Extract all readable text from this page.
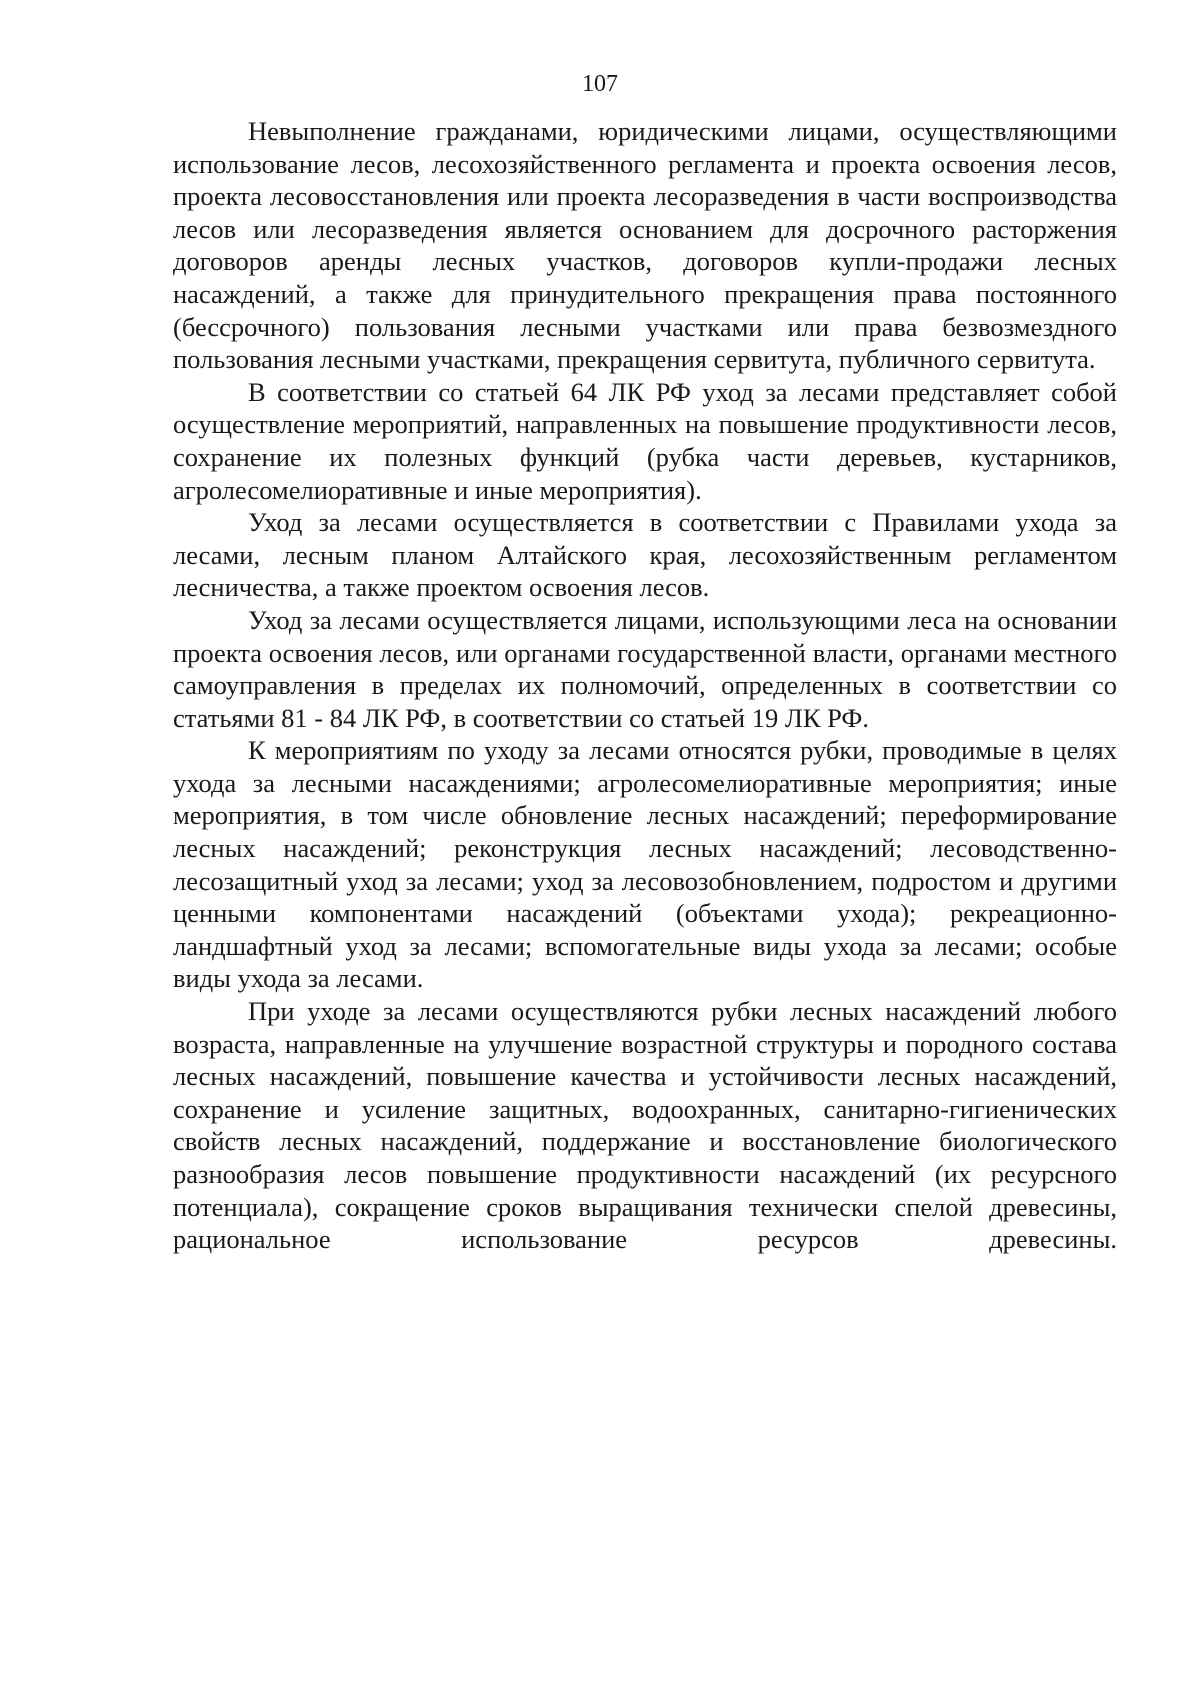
107

Невыполнение гражданами, юридическими лицами, осуществляющими использование лесов, лесохозяйственного регламента и проекта освоения лесов, проекта лесовосстановления или проекта лесоразведения в части воспроизводства лесов или лесоразведения является основанием для досрочного расторжения договоров аренды лесных участков, договоров купли-продажи лесных насаждений, а также для принудительного прекращения права постоянного (бессрочного) пользования лесными участками или права безвозмездного пользования лесными участками, прекращения сервитута, публичного сервитута.

В соответствии со статьей 64 ЛК РФ уход за лесами представляет собой осуществление мероприятий, направленных на повышение продуктивности лесов, сохранение их полезных функций (рубка части деревьев, кустарников, агролесомелиоративные и иные мероприятия).

Уход за лесами осуществляется в соответствии с Правилами ухода за лесами, лесным планом Алтайского края, лесохозяйственным регламентом лесничества, а также проектом освоения лесов.

Уход за лесами осуществляется лицами, использующими леса на основании проекта освоения лесов, или органами государственной власти, органами местного самоуправления в пределах их полномочий, определенных в соответствии со статьями 81 - 84 ЛК РФ, в соответствии со статьей 19 ЛК РФ.

К мероприятиям по уходу за лесами относятся рубки, проводимые в целях ухода за лесными насаждениями; агролесомелиоративные мероприятия; иные мероприятия, в том числе обновление лесных насаждений; переформирование лесных насаждений; реконструкция лесных насаждений; лесоводственно-лесозащитный уход за лесами; уход за лесовозобновлением, подростом и другими ценными компонентами насаждений (объектами ухода); рекреационно-ландшафтный уход за лесами; вспомогательные виды ухода за лесами; особые виды ухода за лесами.

При уходе за лесами осуществляются рубки лесных насаждений любого возраста, направленные на улучшение возрастной структуры и породного состава лесных насаждений, повышение качества и устойчивости лесных насаждений, сохранение и усиление защитных, водоохранных, санитарно-гигиенических свойств лесных насаждений, поддержание и восстановление биологического разнообразия лесов повышение продуктивности насаждений (их ресурсного потенциала), сокращение сроков выращивания технически спелой древесины, рациональное использование ресурсов древесины.
